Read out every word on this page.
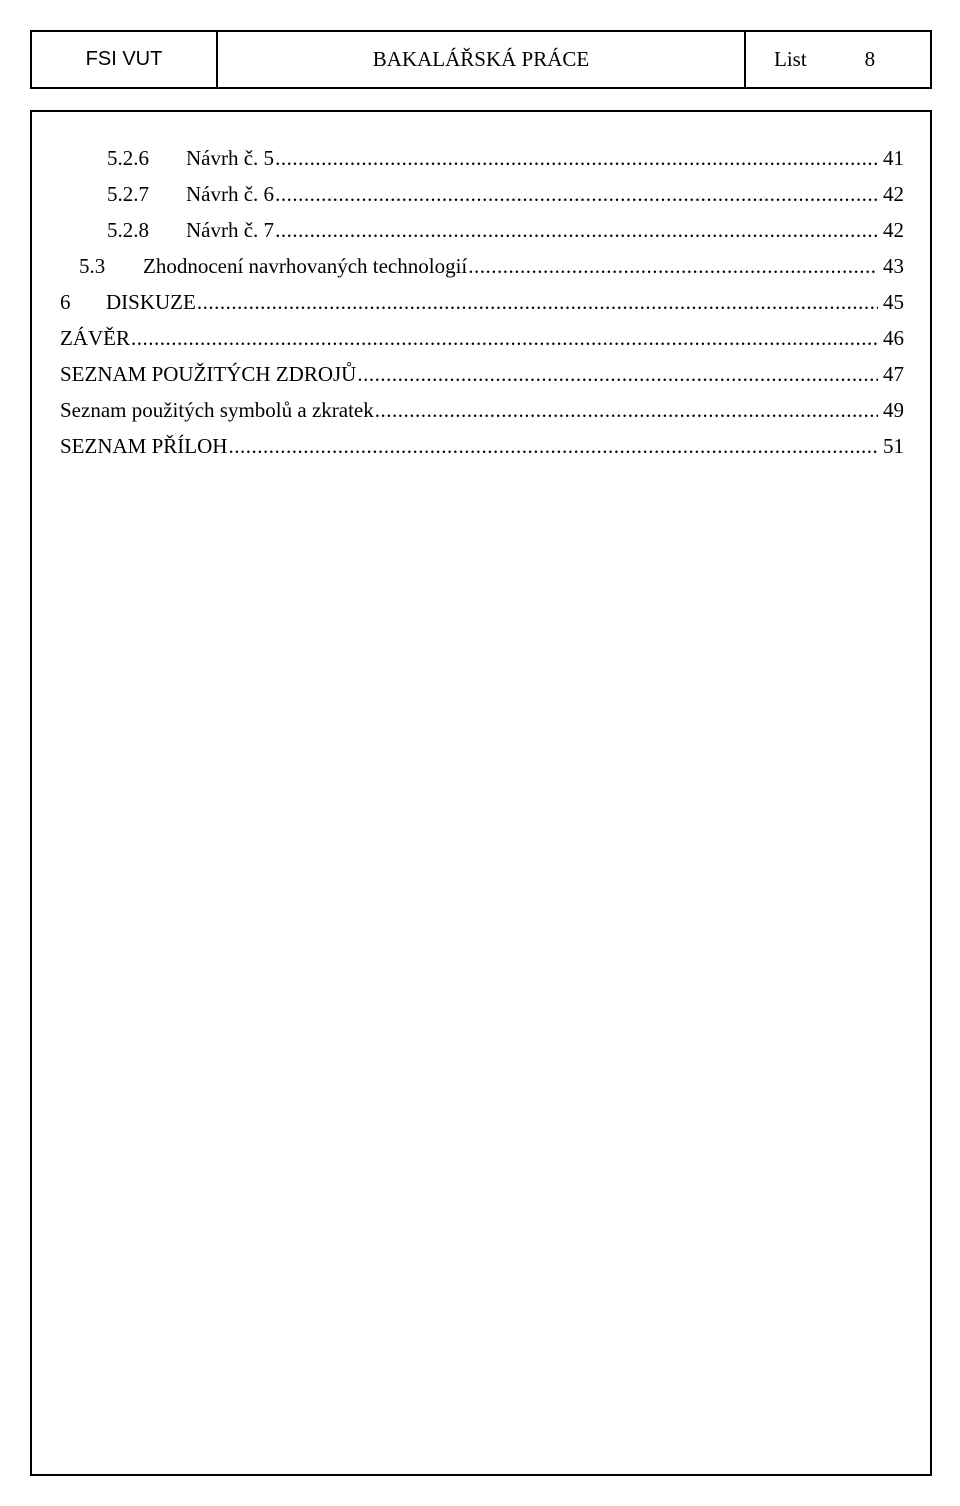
FSI VUT	BAKALÁŘSKÁ PRÁCE	List	8
5.2.6	Návrh č. 5 .....	41
5.2.7	Návrh č. 6 .....	42
5.2.8	Návrh č. 7 .....	42
5.3	Zhodnocení navrhovaných technologií .....	43
6	DISKUZE .....	45
ZÁVĚR .....	46
SEZNAM POUŽITÝCH ZDROJŮ .....	47
Seznam použitých symbolů a zkratek .....	49
SEZNAM PŘÍLOH .....	51
